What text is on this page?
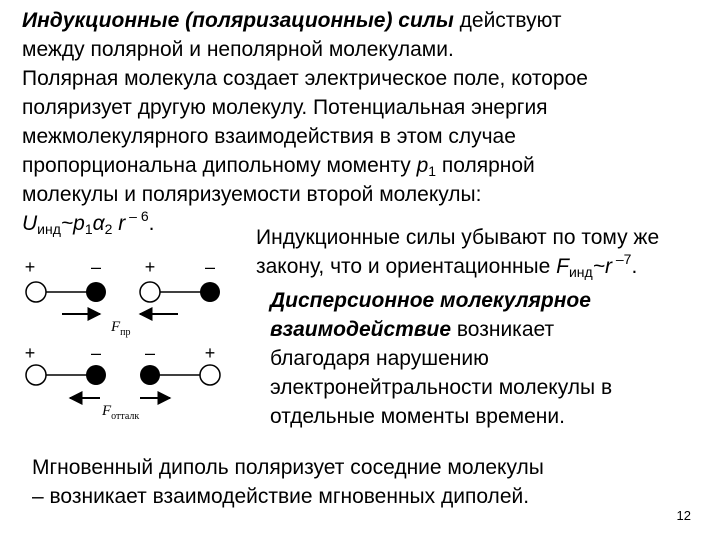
Индукционные (поляризационные) силы действуют
между полярной и неполярной молекулами.
Полярная молекула создает электрическое поле, которое
поляризует другую молекулу. Потенциальная энергия
межмолекулярного взаимодействия в этом случае
пропорциональна дипольному моменту $p_1$ полярной
молекулы и поляризуемости второй молекулы:
$U_{инд}\sim p_1\alpha_2$ r $^{- 6}$.
Индукционные силы убывают по тому же
закону, что и ориентационные $F_{инд}\sim r$ $^{-7}$.
Дисперсионное молекулярное
взаимодействие возникает
благодаря нарушению
электронейтральности молекулы в
отдельные моменты времени.
Мгновенный диполь поляризует соседние молекулы
– возникает взаимодействие мгновенных диполей.
+	– +	–
$F_{пр}$
+	– –	+
$F_{отталк}$
12
